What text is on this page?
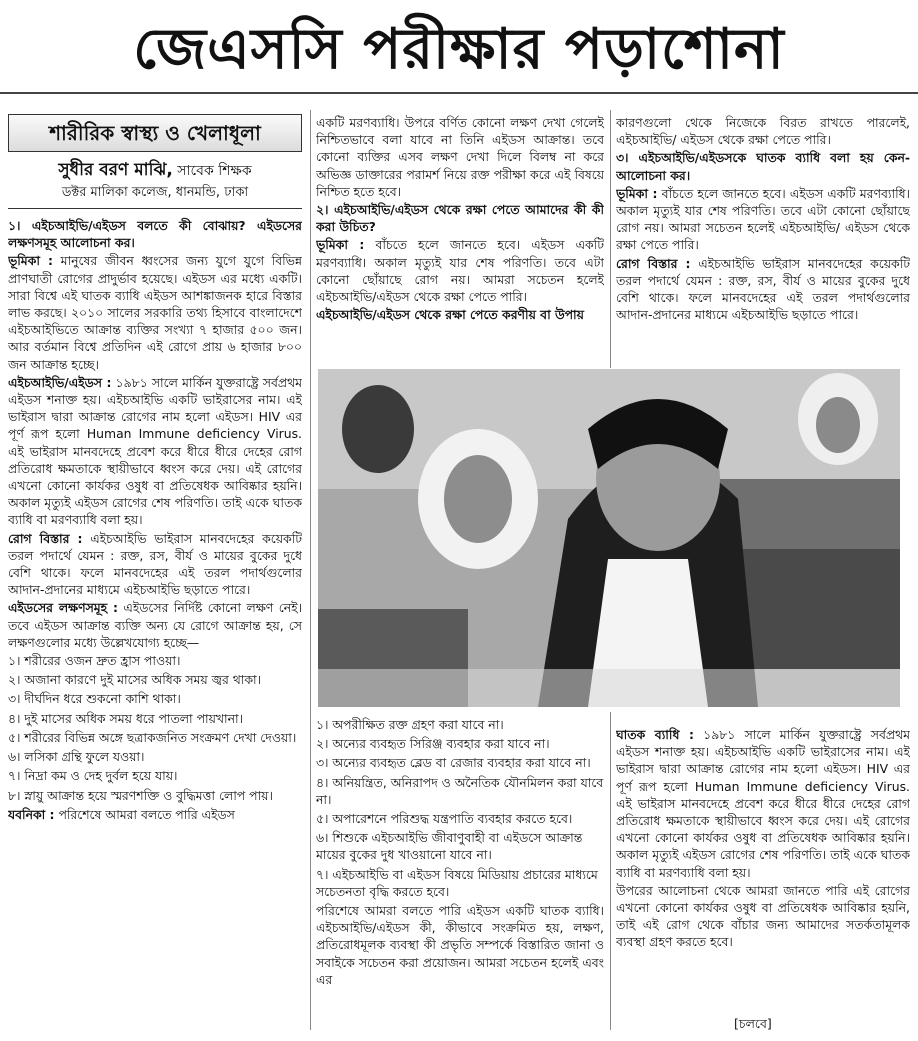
জেএসসি পরীক্ষার পড়াশোনা
শারীরিক স্বাস্থ্য ও খেলাধূলা
সুধীর বরণ মাঝি, সাবেক শিক্ষক
ডক্টর মালিকা কলেজ, ধানমন্ডি, ঢাকা

১। এইচআইভি/এইডস বলতে কী বোঝায়? এইডসের লক্ষণসমূহ আলোচনা কর।

ভূমিকা : মানুষের জীবন ধ্বংসের জন্য যুগে যুগে বিভিন্ন প্রাণঘাতী রোগের প্রাদুর্ভাব হয়েছে। এইডস এর মধ্যে একটি। সারা বিশ্বে এই ঘাতক ব্যাধি এইডস আশঙ্কাজনক হারে বিস্তার লাভ করছে। ২০১০ সালের সরকারি তথ্য হিসাবে বাংলাদেশে এইচআইভিতে আক্রান্ত ব্যক্তির সংখ্যা ৭ হাজার ৫০০ জন। আর বর্তমান বিশ্বে প্রতিদিন এই রোগে প্রায় ৬ হাজার ৮০০ জন আক্রান্ত হচ্ছে।

এইচআইভি/এইডস : ১৯৮১ সালে মার্কিন যুক্তরাষ্ট্রে সর্বপ্রথম এইডস শনাক্ত হয়। এইচআইভি একটি ভাইরাসের নাম। এই ভাইরাস দ্বারা আক্রান্ত রোগের নাম হলো এইডস। HIV এর পূর্ণ রূপ হলো Human Immune deficiency Virus. এই ভাইরাস মানবদেহে প্রবেশ করে ধীরে ধীরে দেহের রোগ প্রতিরোধ ক্ষমতাকে স্থায়ীভাবে ধ্বংস করে দেয়। এই রোগের এখনো কোনো কার্যকর ওষুধ বা প্রতিষেধক আবিষ্কার হয়নি। অকাল মৃত্যুই এইডস রোগের শেষ পরিণতি। তাই একে ঘাতক ব্যাধি বা মরণব্যাধি বলা হয়।

রোগ বিস্তার : এইচআইভি ভাইরাস মানবদেহের কয়েকটি তরল পদার্থে যেমন : রক্ত, রস, বীর্য ও মায়ের বুকের দুধে বেশি থাকে। ফলে মানবদেহের এই তরল পদার্থগুলোর আদান-প্রদানের মাধ্যমে এইচআইভি ছড়াতে পারে।

এইডসের লক্ষণসমূহ : এইডসের নির্দিষ্ট কোনো লক্ষণ নেই। তবে এইডস আক্রান্ত ব্যক্তি অন্য যে রোগে আক্রান্ত হয়, সে লক্ষণগুলোর মধ্যে উল্লেখযোগ্য হচ্ছে—

১। শরীরের ওজন দ্রুত হ্রাস পাওয়া।
২। অজানা কারণে দুই মাসের অধিক সময় জ্বর থাকা।
৩। দীর্ঘদিন ধরে শুকনো কাশি থাকা।
৪। দুই মাসের অধিক সময় ধরে পাতলা পায়খানা।
৫। শরীরের বিভিন্ন অঙ্গে ছত্রাকজনিত সংক্রমণ দেখা দেওয়া।
৬। লসিকা গ্রন্থি ফুলে যওয়া।
৭। নিদ্রা কম ও দেহ দুর্বল হয়ে যায়।
৮। স্নায়ু আক্রান্ত হয়ে স্মরণশক্তি ও বুদ্ধিমত্তা লোপ পায়।

যবনিকা : পরিশেষে আমরা বলতে পারি এইডস

একটি মরণব্যাধি। উপরে বর্ণিত কোনো লক্ষণ দেখা গেলেই নিশ্চিতভাবে বলা যাবে না তিনি এইডস আক্রান্ত। তবে কোনো ব্যক্তির এসব লক্ষণ দেখা দিলে বিলম্ব না করে অভিজ্ঞ ডাক্তারের পরামর্শ নিয়ে রক্ত পরীক্ষা করে এই বিষয়ে নিশ্চিত হতে হবে।

২। এইচআইভি/এইডস থেকে রক্ষা পেতে আমাদের কী কী করা উচিত?

ভূমিকা : বাঁচতে হলে জানতে হবে। এইডস একটি মরণব্যাধি। অকাল মৃত্যুই যার শেষ পরিণতি। তবে এটা কোনো ছোঁয়াছে রোগ নয়। আমরা সচেতন হলেই এইচআইভি/এইডস থেকে রক্ষা পেতে পারি।

এইচআইভি/এইডস থেকে রক্ষা পেতে করণীয় বা উপায়

কারণগুলো থেকে নিজেকে বিরত রাখতে পারলেই, এইচআইভি/ এইডস থেকে রক্ষা পেতে পারি।

৩। এইচআইভি/এইডসকে ঘাতক ব্যাধি বলা হয় কেন- আলোচনা কর।

ভূমিকা : বাঁচতে হলে জানতে হবে। এইডস একটি মরণব্যাধি। অকাল মৃত্যুই যার শেষ পরিণতি। তবে এটা কোনো ছোঁয়াছে রোগ নয়। আমরা সচেতন হলেই এইচআইভি/ এইডস থেকে রক্ষা পেতে পারি।

রোগ বিস্তার : এইচআইভি ভাইরাস মানবদেহের কয়েকটি তরল পদার্থে যেমন : রক্ত, রস, বীর্য ও মায়ের বুকের দুধে বেশি থাকে। ফলে মানবদেহের এই তরল পদার্থগুলোর আদান-প্রদানের মাধ্যমে এইচআইভি ছড়াতে পারে।

১। অপরীক্ষিত রক্ত গ্রহণ করা যাবে না।
২। অন্যের ব্যবহৃত সিরিঞ্জ ব্যবহার করা যাবে না।
৩। অন্যের ব্যবহৃত ব্লেড বা রেজার ব্যবহার করা যাবে না।
৪। অনিয়ন্ত্রিত, অনিরাপদ ও অনৈতিক যৌনমিলন করা যাবে না।
৫। অপারেশনে পরিশুদ্ধ যন্ত্রপাতি ব্যবহার করতে হবে।
৬। শিশুকে এইচআইভি জীবাণুবাহী বা এইডসে আক্রান্ত মায়ের বুকের দুধ খাওয়ানো যাবে না।
৭। এইচআইভি বা এইডস বিষয়ে মিডিয়ায় প্রচারের মাধ্যমে সচেতনতা বৃদ্ধি করতে হবে।

পরিশেষে আমরা বলতে পারি এইডস একটি ঘাতক ব্যাধি। এইচআইভি/এইডস কী, কীভাবে সংক্রমিত হয়, লক্ষণ, প্রতিরোধমূলক ব্যবস্থা কী প্রভৃতি সম্পর্কে বিস্তারিত জানা ও সবাইকে সচেতন করা প্রয়োজন। আমরা সচেতন হলেই এবং এর

ঘাতক ব্যাধি : ১৯৮১ সালে মার্কিন যুক্তরাষ্ট্রে সর্বপ্রথম এইডস শনাক্ত হয়। এইচআইভি একটি ভাইরাসের নাম। এই ভাইরাস দ্বারা আক্রান্ত রোগের নাম হলো এইডস। HIV এর পূর্ণ রূপ হলো Human Immune deficiency Virus. এই ভাইরাস মানবদেহে প্রবেশ করে ধীরে ধীরে দেহের রোগ প্রতিরোধ ক্ষমতাকে স্থায়ীভাবে ধ্বংস করে দেয়। এই রোগের এখনো কোনো কার্যকর ওষুধ বা প্রতিষেধক আবিষ্কার হয়নি। অকাল মৃত্যুই এইডস রোগের শেষ পরিণতি। তাই একে ঘাতক ব্যাধি বা মরণব্যাধি বলা হয়।

উপরের আলোচনা থেকে আমরা জানতে পারি এই রোগের এখনো কোনো কার্যকর ওষুধ বা প্রতিষেধক আবিষ্কার হয়নি, তাই এই রোগ থেকে বাঁচার জন্য আমাদের সতর্কতামূলক ব্যবস্থা গ্রহণ করতে হবে।

[চলবে]
